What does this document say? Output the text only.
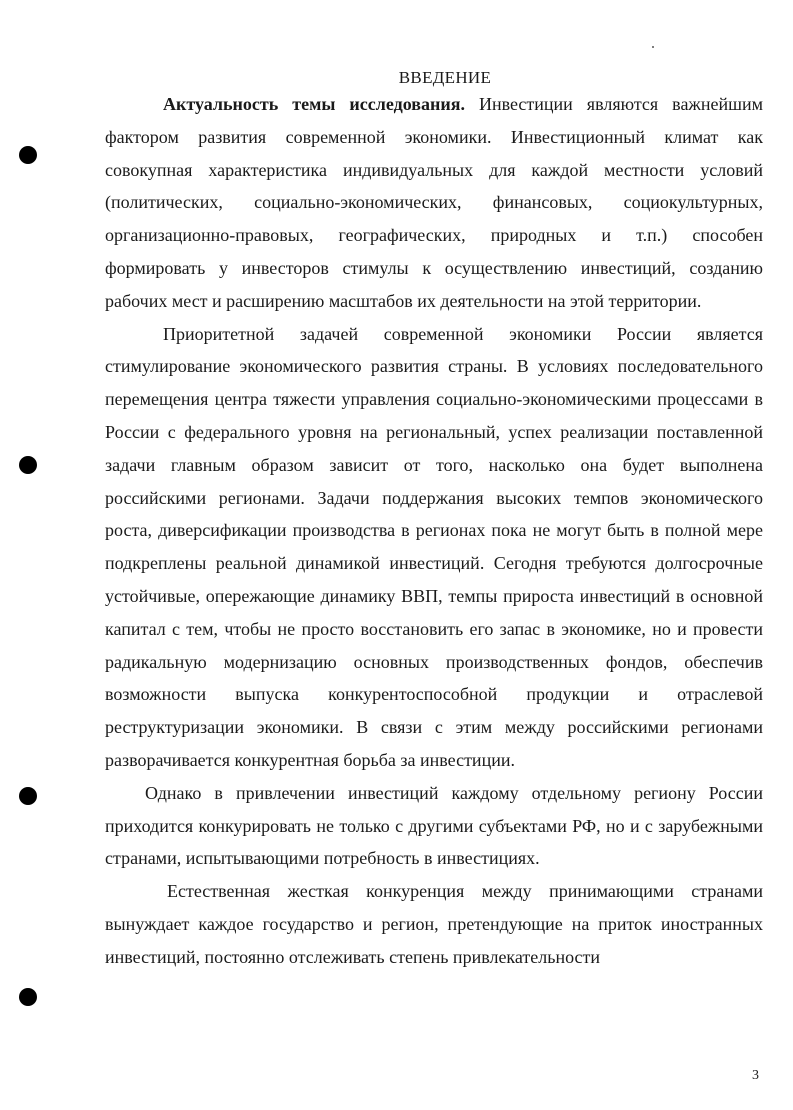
ВВЕДЕНИЕ

Актуальность темы исследования. Инвестиции являются важнейшим фактором развития современной экономики. Инвестиционный климат как совокупная характеристика индивидуальных для каждой местности условий (политических, социально-экономических, финансовых, социокультурных, организационно-правовых, географических, природных и т.п.) способен формировать у инвесторов стимулы к осуществлению инвестиций, созданию рабочих мест и расширению масштабов их деятельности на этой территории.

Приоритетной задачей современной экономики России является стимулирование экономического развития страны. В условиях последовательного перемещения центра тяжести управления социально-экономическими процессами в России с федерального уровня на региональный, успех реализации поставленной задачи главным образом зависит от того, насколько она будет выполнена российскими регионами. Задачи поддержания высоких темпов экономического роста, диверсификации производства в регионах пока не могут быть в полной мере подкреплены реальной динамикой инвестиций. Сегодня требуются долгосрочные устойчивые, опережающие динамику ВВП, темпы прироста инвестиций в основной капитал с тем, чтобы не просто восстановить его запас в экономике, но и провести радикальную модернизацию основных производственных фондов, обеспечив возможности выпуска конкурентоспособной продукции и отраслевой реструктуризации экономики. В связи с этим между российскими регионами разворачивается конкурентная борьба за инвестиции.

Однако в привлечении инвестиций каждому отдельному региону России приходится конкурировать не только с другими субъектами РФ, но и с зарубежными странами, испытывающими потребность в инвестициях.

Естественная жесткая конкуренция между принимающими странами вынуждает каждое государство и регион, претендующие на приток иностранных инвестиций, постоянно отслеживать степень привлекательности

3
